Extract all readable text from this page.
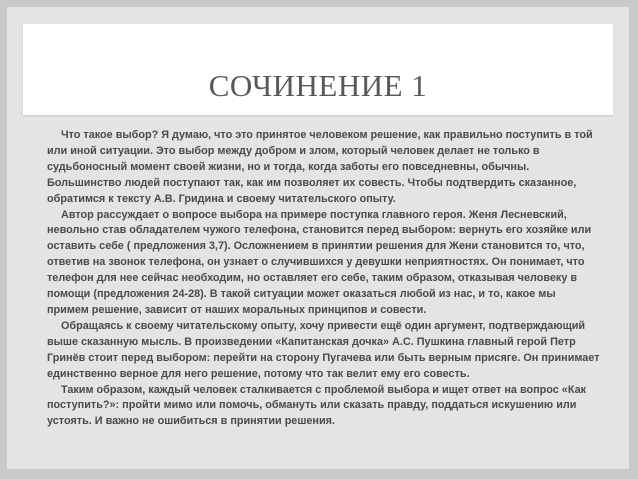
СОЧИНЕНИЕ 1

Что такое выбор? Я думаю, что это принятое человеком решение, как правильно поступить в той или иной ситуации. Это выбор между добром и злом, который человек делает не только в судьбоносный момент своей жизни, но и тогда, когда заботы его повседневны, обычны. Большинство людей поступают так, как им позволяет их совесть. Чтобы подтвердить сказанное, обратимся к тексту А.В. Гридина и своему читательского опыту.

Автор рассуждает о вопросе выбора на примере поступка главного героя. Женя Лесневский, невольно став обладателем чужого телефона, становится перед выбором: вернуть его хозяйке или оставить себе ( предложения 3,7). Осложнением в принятии решения для Жени становится то, что, ответив на звонок телефона, он узнает о случившихся у девушки неприятностях. Он понимает, что телефон для нее сейчас необходим, но оставляет его себе, таким образом, отказывая человеку в помощи (предложения 24-28). В такой ситуации может оказаться любой из нас, и то, какое мы примем решение, зависит от наших моральных принципов и совести.

Обращаясь к своему читательскому опыту, хочу привести ещё один аргумент, подтверждающий выше сказанную мысль. В произведении «Капитанская дочка» А.С. Пушкина главный герой Петр Гринёв стоит перед выбором: перейти на сторону Пугачева или быть верным присяге. Он принимает единственно верное для него решение, потому что так велит ему его совесть.

Таким образом, каждый человек сталкивается с проблемой выбора и ищет ответ на вопрос «Как поступить?»: пройти мимо или помочь, обмануть или сказать правду, поддаться искушению или устоять. И важно не ошибиться в принятии решения.
